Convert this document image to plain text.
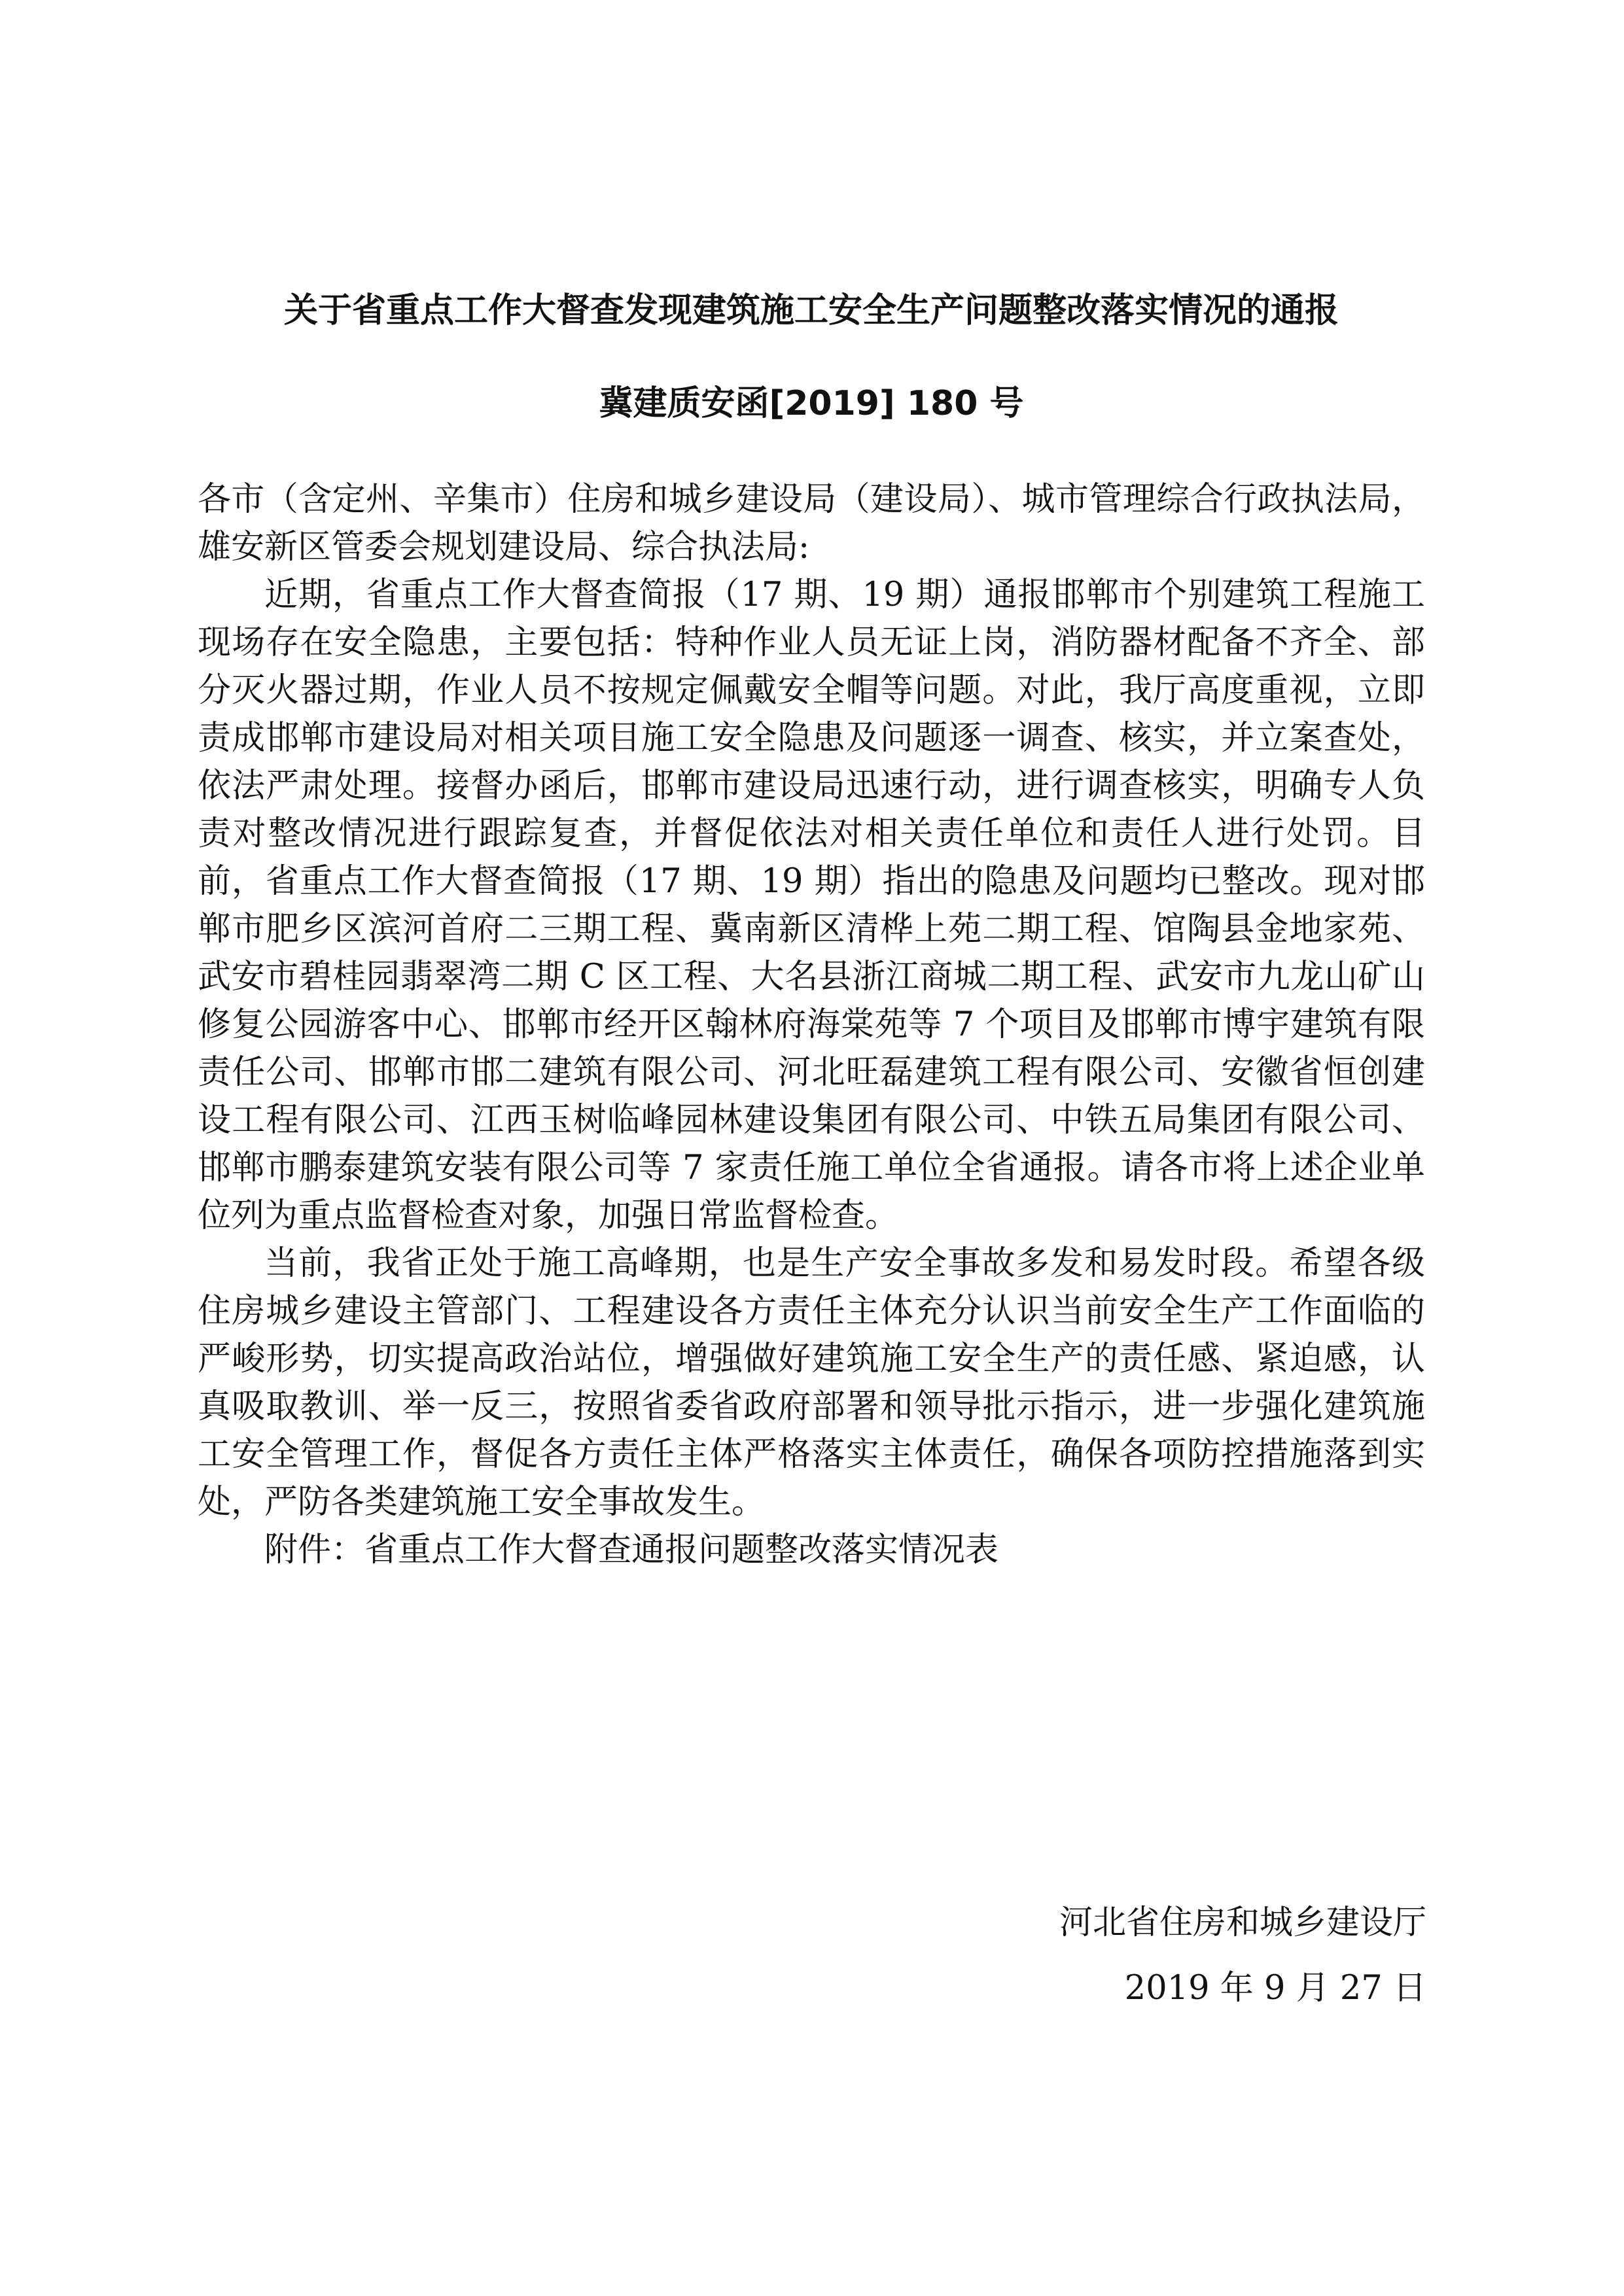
关于省重点工作大督查发现建筑施工安全生产问题整改落实情况的通报
冀建质安函[2019] 180 号

各市（含定州、辛集市）住房和城乡建设局（建设局）、城市管理综合行政执法局，雄安新区管委会规划建设局、综合执法局:

近期，省重点工作大督查简报（17 期、19 期）通报邯郸市个别建筑工程施工现场存在安全隐患，主要包括：特种作业人员无证上岗，消防器材配备不齐全、部分灭火器过期，作业人员不按规定佩戴安全帽等问题。对此，我厅高度重视，立即责成邯郸市建设局对相关项目施工安全隐患及问题逐一调查、核实，并立案查处，依法严肃处理。接督办函后，邯郸市建设局迅速行动，进行调查核实，明确专人负责对整改情况进行跟踪复查，并督促依法对相关责任单位和责任人进行处罚。目前，省重点工作大督查简报（17 期、19 期）指出的隐患及问题均已整改。现对邯郸市肥乡区滨河首府二三期工程、冀南新区清桦上苑二期工程、馆陶县金地家苑、武安市碧桂园翡翠湾二期 C 区工程、大名县浙江商城二期工程、武安市九龙山矿山修复公园游客中心、邯郸市经开区翰林府海棠苑等 7 个项目及邯郸市博宇建筑有限责任公司、邯郸市邯二建筑有限公司、河北旺磊建筑工程有限公司、安徽省恒创建设工程有限公司、江西玉树临峰园林建设集团有限公司、中铁五局集团有限公司、邯郸市鹏泰建筑安装有限公司等 7 家责任施工单位全省通报。请各市将上述企业单位列为重点监督检查对象，加强日常监督检查。

当前，我省正处于施工高峰期，也是生产安全事故多发和易发时段。希望各级住房城乡建设主管部门、工程建设各方责任主体充分认识当前安全生产工作面临的严峻形势，切实提高政治站位，增强做好建筑施工安全生产的责任感、紧迫感，认真吸取教训、举一反三，按照省委省政府部署和领导批示指示，进一步强化建筑施工安全管理工作，督促各方责任主体严格落实主体责任，确保各项防控措施落到实处，严防各类建筑施工安全事故发生。

附件：省重点工作大督查通报问题整改落实情况表

河北省住房和城乡建设厅
2019 年 9 月 27 日
